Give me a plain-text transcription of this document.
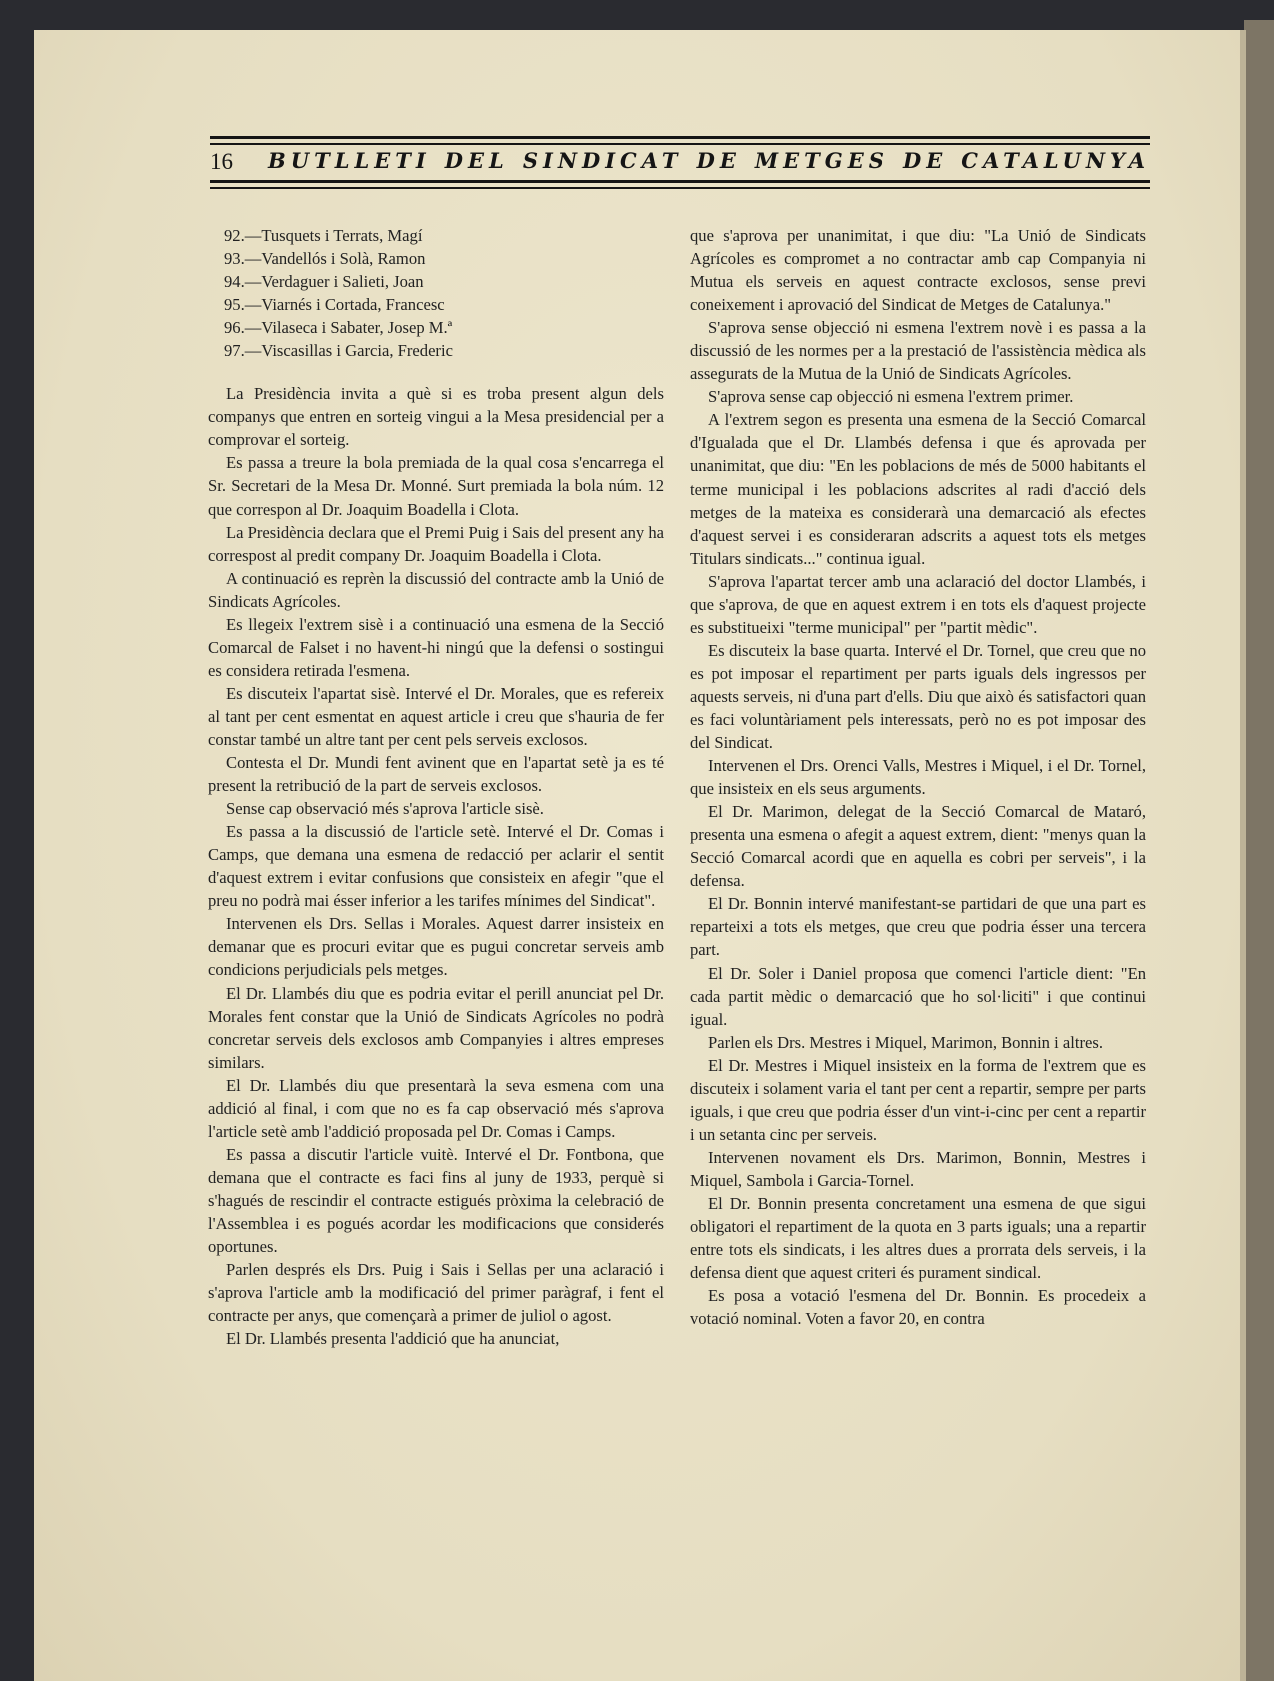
16 BUTLLETI DEL SINDICAT DE METGES DE CATALUNYA

92.—Tusquets i Terrats, Magí

93.—Vandellós i Solà, Ramon

94.—Verdaguer i Salieti, Joan

95.—Viarnés i Cortada, Francesc

96.—Vilaseca i Sabater, Josep M.ª

97.—Viscasillas i Garcia, Frederic

La Presidència invita a què si es troba present algun dels companys que entren en sorteig vingui a la Mesa presidencial per a comprovar el sorteig.

Es passa a treure la bola premiada de la qual cosa s'encarrega el Sr. Secretari de la Mesa Dr. Monné. Surt premiada la bola núm. 12 que correspon al Dr. Joaquim Boadella i Clota.

La Presidència declara que el Premi Puig i Sais del present any ha correspost al predit company Dr. Joaquim Boadella i Clota.

A continuació es reprèn la discussió del contracte amb la Unió de Sindicats Agrícoles.

Es llegeix l'extrem sisè i a continuació una esmena de la Secció Comarcal de Falset i no havent-hi ningú que la defensi o sostingui es considera retirada l'esmena.

Es discuteix l'apartat sisè. Intervé el Dr. Morales, que es refereix al tant per cent esmentat en aquest article i creu que s'hauria de fer constar també un altre tant per cent pels serveis exclosos.

Contesta el Dr. Mundi fent avinent que en l'apartat setè ja es té present la retribució de la part de serveis exclosos.

Sense cap observació més s'aprova l'article sisè.

Es passa a la discussió de l'article setè. Intervé el Dr. Comas i Camps, que demana una esmena de redacció per aclarir el sentit d'aquest extrem i evitar confusions que consisteix en afegir "que el preu no podrà mai ésser inferior a les tarifes mínimes del Sindicat".

Intervenen els Drs. Sellas i Morales. Aquest darrer insisteix en demanar que es procuri evitar que es pugui concretar serveis amb condicions perjudicials pels metges.

El Dr. Llambés diu que es podria evitar el perill anunciat pel Dr. Morales fent constar que la Unió de Sindicats Agrícoles no podrà concretar serveis dels exclosos amb Companyies i altres empreses similars.

El Dr. Llambés diu que presentarà la seva esmena com una addició al final, i com que no es fa cap observació més s'aprova l'article setè amb l'addició proposada pel Dr. Comas i Camps.

Es passa a discutir l'article vuitè. Intervé el Dr. Fontbona, que demana que el contracte es faci fins al juny de 1933, perquè si s'hagués de rescindir el contracte estigués pròxima la celebració de l'Assemblea i es pogués acordar les modificacions que considerés oportunes.

Parlen després els Drs. Puig i Sais i Sellas per una aclaració i s'aprova l'article amb la modificació del primer paràgraf, i fent el contracte per anys, que començarà a primer de juliol o agost.

El Dr. Llambés presenta l'addició que ha anunciat,

que s'aprova per unanimitat, i que diu: "La Unió de Sindicats Agrícoles es compromet a no contractar amb cap Companyia ni Mutua els serveis en aquest contracte exclosos, sense previ coneixement i aprovació del Sindicat de Metges de Catalunya."

S'aprova sense objecció ni esmena l'extrem novè i es passa a la discussió de les normes per a la prestació de l'assistència mèdica als assegurats de la Mutua de la Unió de Sindicats Agrícoles.

S'aprova sense cap objecció ni esmena l'extrem primer.

A l'extrem segon es presenta una esmena de la Secció Comarcal d'Igualada que el Dr. Llambés defensa i que és aprovada per unanimitat, que diu: "En les poblacions de més de 5000 habitants el terme municipal i les poblacions adscrites al radi d'acció dels metges de la mateixa es considerarà una demarcació als efectes d'aquest servei i es consideraran adscrits a aquest tots els metges Titulars sindicats..." continua igual.

S'aprova l'apartat tercer amb una aclaració del doctor Llambés, i que s'aprova, de que en aquest extrem i en tots els d'aquest projecte es substitueixi "terme municipal" per "partit mèdic".

Es discuteix la base quarta. Intervé el Dr. Tornel, que creu que no es pot imposar el repartiment per parts iguals dels ingressos per aquests serveis, ni d'una part d'ells. Diu que això és satisfactori quan es faci voluntàriament pels interessats, però no es pot imposar des del Sindicat.

Intervenen el Drs. Orenci Valls, Mestres i Miquel, i el Dr. Tornel, que insisteix en els seus arguments.

El Dr. Marimon, delegat de la Secció Comarcal de Mataró, presenta una esmena o afegit a aquest extrem, dient: "menys quan la Secció Comarcal acordi que en aquella es cobri per serveis", i la defensa.

El Dr. Bonnin intervé manifestant-se partidari de que una part es reparteixi a tots els metges, que creu que podria ésser una tercera part.

El Dr. Soler i Daniel proposa que comenci l'article dient: "En cada partit mèdic o demarcació que ho sol·liciti" i que continui igual.

Parlen els Drs. Mestres i Miquel, Marimon, Bonnin i altres.

El Dr. Mestres i Miquel insisteix en la forma de l'extrem que es discuteix i solament varia el tant per cent a repartir, sempre per parts iguals, i que creu que podria ésser d'un vint-i-cinc per cent a repartir i un setanta cinc per serveis.

Intervenen novament els Drs. Marimon, Bonnin, Mestres i Miquel, Sambola i Garcia-Tornel.

El Dr. Bonnin presenta concretament una esmena de que sigui obligatori el repartiment de la quota en 3 parts iguals; una a repartir entre tots els sindicats, i les altres dues a prorrata dels serveis, i la defensa dient que aquest criteri és purament sindical.

Es posa a votació l'esmena del Dr. Bonnin. Es procedeix a votació nominal. Voten a favor 20, en contra
